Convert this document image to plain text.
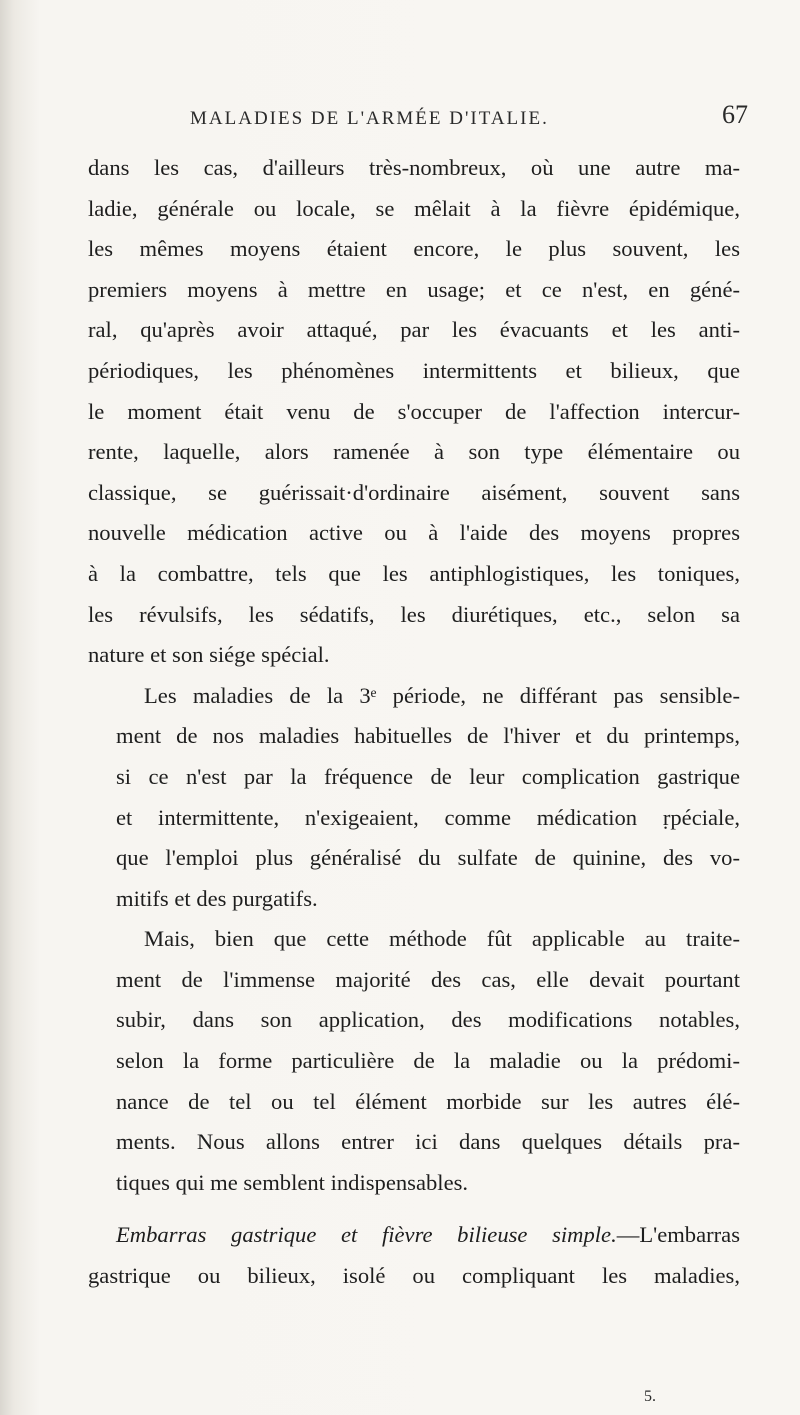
MALADIES DE L'ARMÉE D'ITALIE.	67

dans les cas, d'ailleurs très-nombreux, où une autre ma-
ladie, générale ou locale, se mêlait à la fièvre épidémique,
les mêmes moyens étaient encore, le plus souvent, les
premiers moyens à mettre en usage; et ce n'est, en géné-
ral, qu'après avoir attaqué, par les évacuants et les anti-
périodiques, les phénomènes intermittents et bilieux, que
le moment était venu de s'occuper de l'affection intercur-
rente, laquelle, alors ramenée à son type élémentaire ou
classique, se guérissait·d'ordinaire aisément, souvent sans
nouvelle médication active ou à l'aide des moyens propres
à la combattre, tels que les antiphlogistiques, les toniques,
les révulsifs, les sédatifs, les diurétiques, etc., selon sa
nature et son siége spécial.

Les maladies de la 3ᵉ période, ne différant pas sensible-
ment de nos maladies habituelles de l'hiver et du printemps,
si ce n'est par la fréquence de leur complication gastrique
et intermittente, n'exigeaient, comme médication ṛpéciale,
que l'emploi plus généralisé du sulfate de quinine, des vo-
mitifs et des purgatifs.

Mais, bien que cette méthode fût applicable au traite-
ment de l'immense majorité des cas, elle devait pourtant
subir, dans son application, des modifications notables,
selon la forme particulière de la maladie ou la prédomi-
nance de tel ou tel élément morbide sur les autres élé-
ments. Nous allons entrer ici dans quelques détails pra-
tiques qui me semblent indispensables.

Embarras gastrique et fièvre bilieuse simple.—L'embarras
gastrique ou bilieux, isolé ou compliquant les maladies,

5.
